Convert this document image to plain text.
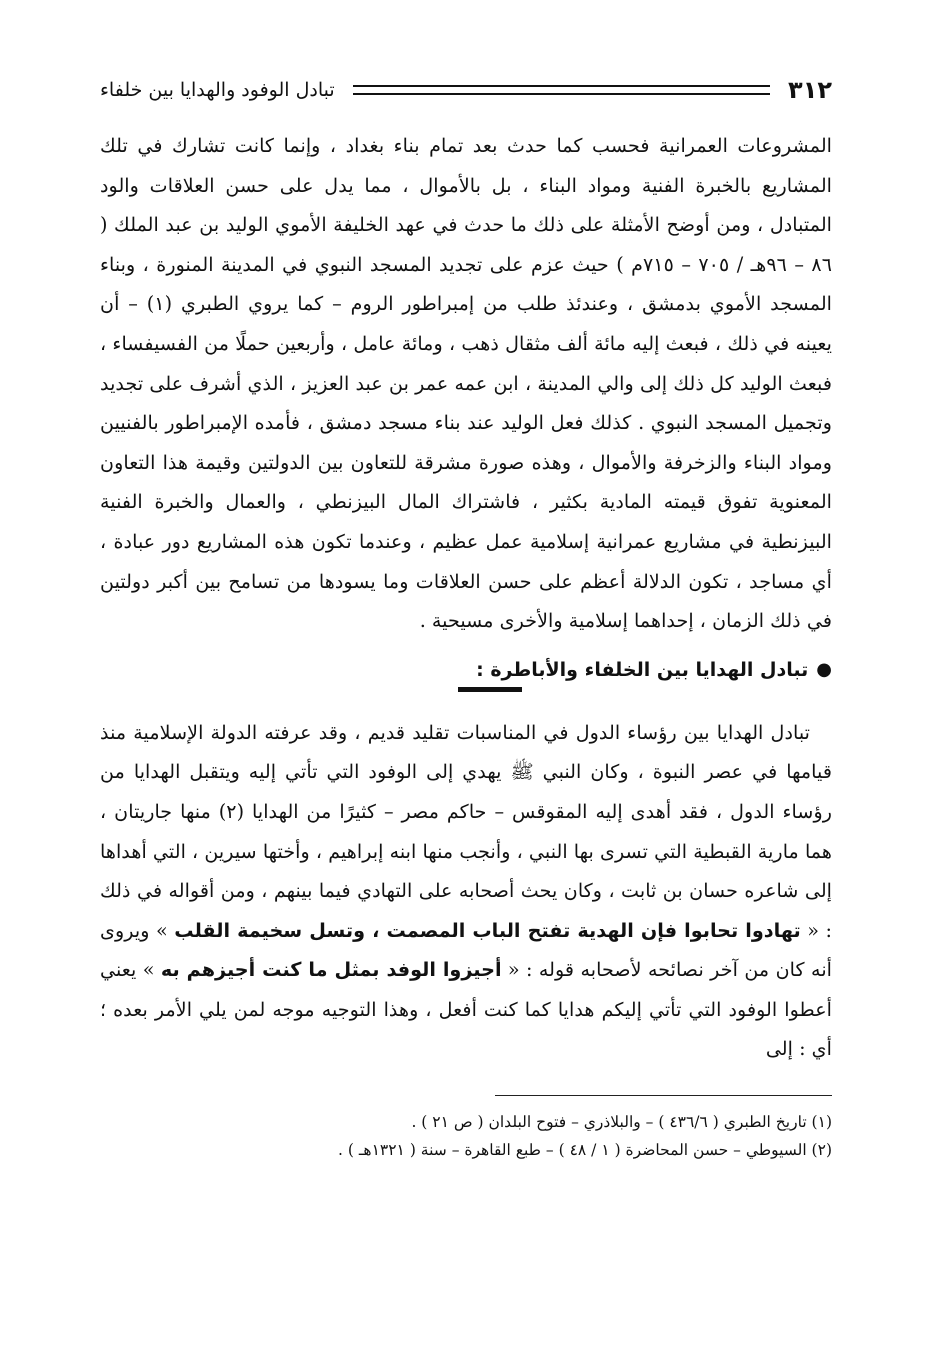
٣١٢
تبادل الوفود والهدايا بين خلفاء

المشروعات العمرانية فحسب كما حدث بعد تمام بناء بغداد ، وإنما كانت تشارك في تلك المشاريع بالخبرة الفنية ومواد البناء ، بل بالأموال ، مما يدل على حسن العلاقات والود المتبادل ، ومن أوضح الأمثلة على ذلك ما حدث في عهد الخليفة الأموي الوليد بن عبد الملك ( ٨٦ – ٩٦هـ / ٧٠٥ – ٧١٥م ) حيث عزم على تجديد المسجد النبوي في المدينة المنورة ، وبناء المسجد الأموي بدمشق ، وعندئذ طلب من إمبراطور الروم – كما يروي الطبري (١) – أن يعينه في ذلك ، فبعث إليه مائة ألف مثقال ذهب ، ومائة عامل ، وأربعين حملًا من الفسيفساء ، فبعث الوليد كل ذلك إلى والي المدينة ، ابن عمه عمر بن عبد العزيز ، الذي أشرف على تجديد وتجميل المسجد النبوي . كذلك فعل الوليد عند بناء مسجد دمشق ، فأمده الإمبراطور بالفنيين ومواد البناء والزخرفة والأموال ، وهذه صورة مشرقة للتعاون بين الدولتين وقيمة هذا التعاون المعنوية تفوق قيمته المادية بكثير ، فاشتراك المال البيزنطي ، والعمال والخبرة الفنية البيزنطية في مشاريع عمرانية إسلامية عمل عظيم ، وعندما تكون هذه المشاريع دور عبادة ، أي مساجد ، تكون الدلالة أعظم على حسن العلاقات وما يسودها من تسامح بين أكبر دولتين في ذلك الزمان ، إحداهما إسلامية والأخرى مسيحية .

●
تبادل الهدايا بين الخلفاء والأباطرة :

تبادل الهدايا بين رؤساء الدول في المناسبات تقليد قديم ، وقد عرفته الدولة الإسلامية منذ قيامها في عصر النبوة ، وكان النبي ﷺ يهدي إلى الوفود التي تأتي إليه ويتقبل الهدايا من رؤساء الدول ، فقد أهدى إليه المقوقس – حاكم مصر – كثيرًا من الهدايا (٢) منها جاريتان ، هما مارية القبطية التي تسرى بها النبي ، وأنجب منها ابنه إبراهيم ، وأختها سيرين ، التي أهداها إلى شاعره حسان بن ثابت ، وكان يحث أصحابه على التهادي فيما بينهم ، ومن أقواله في ذلك : « تهادوا تحابوا فإن الهدية تفتح الباب المصمت ، وتسل سخيمة القلب » ويروى أنه كان من آخر نصائحه لأصحابه قوله : « أجيزوا الوفد بمثل ما كنت أجيزهم به » يعني أعطوا الوفود التي تأتي إليكم هدايا كما كنت أفعل ، وهذا التوجيه موجه لمن يلي الأمر بعده ؛ أي : إلى

(١) تاريخ الطبري ( ٤٣٦/٦ ) – والبلاذري – فتوح البلدان ( ص ٢١ ) .

(٢) السيوطي – حسن المحاضرة ( ١ / ٤٨ ) – طبع القاهرة – سنة ( ١٣٢١هـ ) .
